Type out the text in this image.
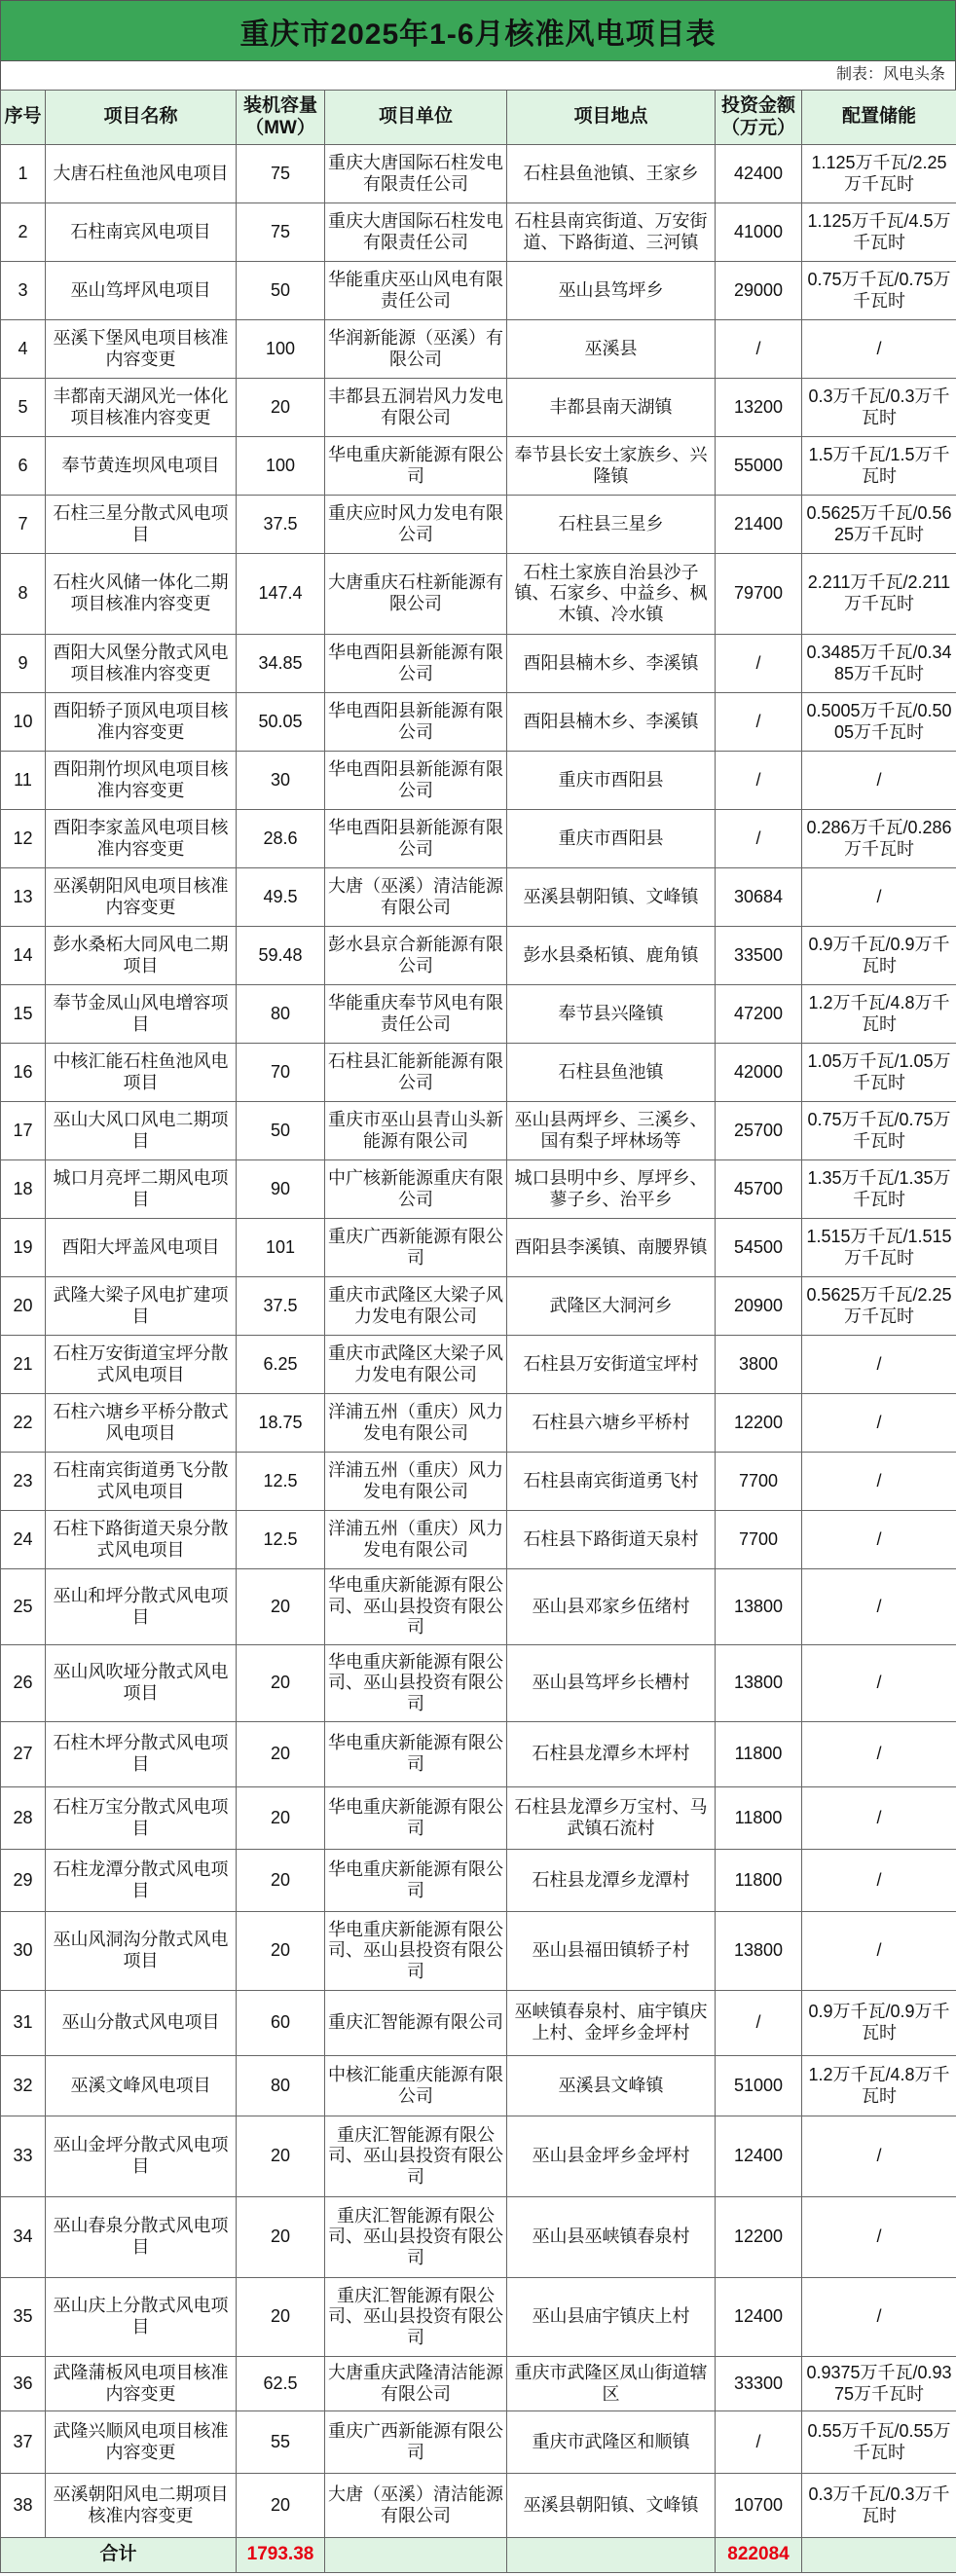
重庆市2025年1-6月核准风电项目表
制表：风电头条
序号	项目名称	装机容量（MW）	项目单位	项目地点	投资金额（万元）	配置储能
1	大唐石柱鱼池风电项目	75	重庆大唐国际石柱发电有限责任公司	石柱县鱼池镇、王家乡	42400	1.125万千瓦/2.25万千瓦时
2	石柱南宾风电项目	75	重庆大唐国际石柱发电有限责任公司	石柱县南宾街道、万安街道、下路街道、三河镇	41000	1.125万千瓦/4.5万千瓦时
3	巫山笃坪风电项目	50	华能重庆巫山风电有限责任公司	巫山县笃坪乡	29000	0.75万千瓦/0.75万千瓦时
4	巫溪下堡风电项目核准内容变更	100	华润新能源（巫溪）有限公司	巫溪县	/	/
5	丰都南天湖风光一体化项目核准内容变更	20	丰都县五洞岩风力发电有限公司	丰都县南天湖镇	13200	0.3万千瓦/0.3万千瓦时
6	奉节黄连坝风电项目	100	华电重庆新能源有限公司	奉节县长安土家族乡、兴隆镇	55000	1.5万千瓦/1.5万千瓦时
7	石柱三星分散式风电项目	37.5	重庆应时风力发电有限公司	石柱县三星乡	21400	0.5625万千瓦/0.5625万千瓦时
8	石柱火风储一体化二期项目核准内容变更	147.4	大唐重庆石柱新能源有限公司	石柱土家族自治县沙子镇、石家乡、中益乡、枫木镇、冷水镇	79700	2.211万千瓦/2.211万千瓦时
9	酉阳大风堡分散式风电项目核准内容变更	34.85	华电酉阳县新能源有限公司	酉阳县楠木乡、李溪镇	/	0.3485万千瓦/0.3485万千瓦时
10	酉阳轿子顶风电项目核准内容变更	50.05	华电酉阳县新能源有限公司	酉阳县楠木乡、李溪镇	/	0.5005万千瓦/0.5005万千瓦时
11	酉阳荆竹坝风电项目核准内容变更	30	华电酉阳县新能源有限公司	重庆市酉阳县	/	/
12	酉阳李家盖风电项目核准内容变更	28.6	华电酉阳县新能源有限公司	重庆市酉阳县	/	0.286万千瓦/0.286万千瓦时
13	巫溪朝阳风电项目核准内容变更	49.5	大唐（巫溪）清洁能源有限公司	巫溪县朝阳镇、文峰镇	30684	/
14	彭水桑柘大同风电二期项目	59.48	彭水县京合新能源有限公司	彭水县桑柘镇、鹿角镇	33500	0.9万千瓦/0.9万千瓦时
15	奉节金凤山风电增容项目	80	华能重庆奉节风电有限责任公司	奉节县兴隆镇	47200	1.2万千瓦/4.8万千瓦时
16	中核汇能石柱鱼池风电项目	70	石柱县汇能新能源有限公司	石柱县鱼池镇	42000	1.05万千瓦/1.05万千瓦时
17	巫山大风口风电二期项目	50	重庆市巫山县青山头新能源有限公司	巫山县两坪乡、三溪乡、国有梨子坪林场等	25700	0.75万千瓦/0.75万千瓦时
18	城口月亮坪二期风电项目	90	中广核新能源重庆有限公司	城口县明中乡、厚坪乡、蓼子乡、治平乡	45700	1.35万千瓦/1.35万千瓦时
19	酉阳大坪盖风电项目	101	重庆广西新能源有限公司	酉阳县李溪镇、南腰界镇	54500	1.515万千瓦/1.515万千瓦时
20	武隆大梁子风电扩建项目	37.5	重庆市武隆区大梁子风力发电有限公司	武隆区大洞河乡	20900	0.5625万千瓦/2.25万千瓦时
21	石柱万安街道宝坪分散式风电项目	6.25	重庆市武隆区大梁子风力发电有限公司	石柱县万安街道宝坪村	3800	/
22	石柱六塘乡平桥分散式风电项目	18.75	洋浦五州（重庆）风力发电有限公司	石柱县六塘乡平桥村	12200	/
23	石柱南宾街道勇飞分散式风电项目	12.5	洋浦五州（重庆）风力发电有限公司	石柱县南宾街道勇飞村	7700	/
24	石柱下路街道天泉分散式风电项目	12.5	洋浦五州（重庆）风力发电有限公司	石柱县下路街道天泉村	7700	/
25	巫山和坪分散式风电项目	20	华电重庆新能源有限公司、巫山县投资有限公司	巫山县邓家乡伍绪村	13800	/
26	巫山风吹垭分散式风电项目	20	华电重庆新能源有限公司、巫山县投资有限公司	巫山县笃坪乡长槽村	13800	/
27	石柱木坪分散式风电项目	20	华电重庆新能源有限公司	石柱县龙潭乡木坪村	11800	/
28	石柱万宝分散式风电项目	20	华电重庆新能源有限公司	石柱县龙潭乡万宝村、马武镇石流村	11800	/
29	石柱龙潭分散式风电项目	20	华电重庆新能源有限公司	石柱县龙潭乡龙潭村	11800	/
30	巫山风洞沟分散式风电项目	20	华电重庆新能源有限公司、巫山县投资有限公司	巫山县福田镇轿子村	13800	/
31	巫山分散式风电项目	60	重庆汇智能源有限公司	巫峡镇春泉村、庙宇镇庆上村、金坪乡金坪村	/	0.9万千瓦/0.9万千瓦时
32	巫溪文峰风电项目	80	中核汇能重庆能源有限公司	巫溪县文峰镇	51000	1.2万千瓦/4.8万千瓦时
33	巫山金坪分散式风电项目	20	重庆汇智能源有限公司、巫山县投资有限公司	巫山县金坪乡金坪村	12400	/
34	巫山春泉分散式风电项目	20	重庆汇智能源有限公司、巫山县投资有限公司	巫山县巫峡镇春泉村	12200	/
35	巫山庆上分散式风电项目	20	重庆汇智能源有限公司、巫山县投资有限公司	巫山县庙宇镇庆上村	12400	/
36	武隆蒲板风电项目核准内容变更	62.5	大唐重庆武隆清洁能源有限公司	重庆市武隆区凤山街道辖区	33300	0.9375万千瓦/0.9375万千瓦时
37	武隆兴顺风电项目核准内容变更	55	重庆广西新能源有限公司	重庆市武隆区和顺镇	/	0.55万千瓦/0.55万千瓦时
38	巫溪朝阳风电二期项目核准内容变更	20	大唐（巫溪）清洁能源有限公司	巫溪县朝阳镇、文峰镇	10700	0.3万千瓦/0.3万千瓦时
合计		1793.38			822084	
